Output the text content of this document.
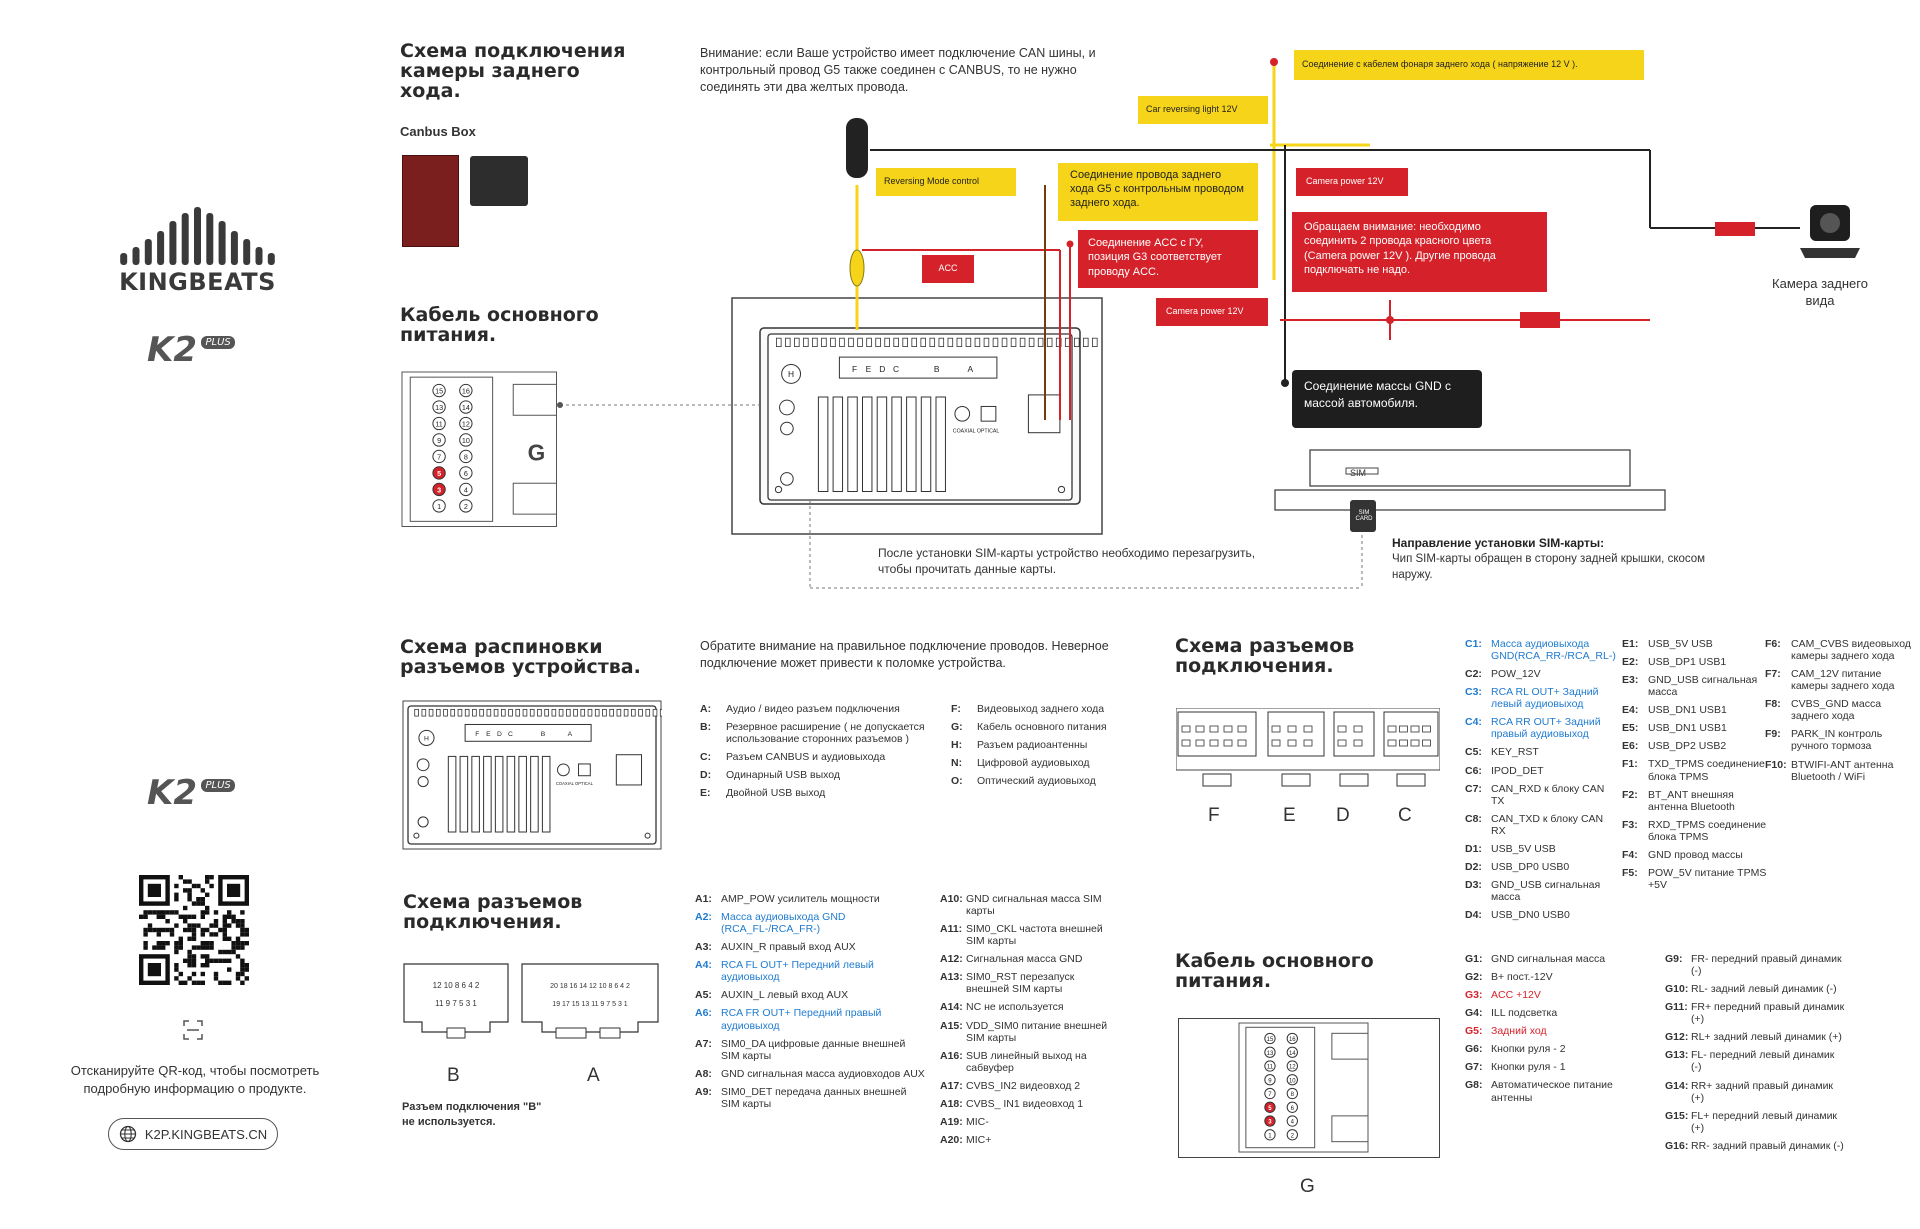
KINGBEATS
K2 $^{PLUS}$
K2 $^{PLUS}$
Отсканируйте QR-код, чтобы посмотреть подробную информацию о продукте.
K2P.KINGBEATS.CN
Схема подключения камеры заднего хода.
Внимание: если Ваше устройство имеет подключение CAN шины, и контрольный провод G5 также соединен с CANBUS, то не нужно соединять эти два желтых провода.
Canbus Box
Кабель основного питания.
15	16
13	14
11	12
9	10
7	8
5	6
3	4
1	2
G
F E D C	B	A
H
COAXIAL OPTICAL
Соединение с кабелем фонаря заднего хода ( напряжение 12 V ).
Car reversing light 12V
Reversing Mode control	Соединение провода заднего хода G5 с контрольным проводом заднего хода.
ACC
Соединение ACC с ГУ, позиция G3 соответствует проводу ACC.
Camera power 12V
Camera power 12V
Обращаем внимание: необходимо соединить 2 провода красного цвета (Camera power 12V ). Другие провода подключать не надо.
Соединение массы GND с массой автомобиля.
Камера заднего вида
SIM
SIM CARD
После установки SIM-карты устройство необходимо перезагрузить, чтобы прочитать данные карты.
Направление установки SIM-карты:
Чип SIM-карты обращен в сторону задней крышки, скосом наружу.
Схема распиновки разъемов устройства.
Обратите внимание на правильное подключение проводов. Неверное подключение может привести к поломке устройства.
F E D C	B	A
H
COAXIAL OPTICAL
A:	Аудио / видео разъем подключения
B:	Резервное расширение ( не допускается использование сторонних разъемов )
C:	Разъем CANBUS и аудиовыхода
D:	Одинарный USB выход
E:	Двойной USB выход
F:	Видеовыход заднего хода
G:	Кабель основного питания
H:	Разъем радиоантенны
N:	Цифровой аудиовыход
O:	Оптический аудиовыход
Схема разъемов подключения.
12 10 8 6 4 2
11 9 7 5 3 1
20 18 16 14 12 10 8 6 4 2
19 17 15 13 11 9 7 5 3 1
B	A
Разъем подключения "B" не используется.
A1: AMP_POW усилитель мощности
A2: Масса аудиовыхода GND (RCA_FL-/RCA_FR-)
A3: AUXIN_R правый вход AUX
A4: RCA FL OUT+ Передний левый аудиовыход
A5: AUXIN_L левый вход AUX
A6: RCA FR OUT+ Передний правый аудиовыход
A7: SIM0_DA цифровые данные внешней SIM карты
A8: GND сигнальная масса аудиовходов AUX
A9: SIM0_DET передача данных внешней SIM карты
A10: GND сигнальная масса SIM карты
A11: SIM0_CKL частота внешней SIM карты
A12: Сигнальная масса GND
A13: SIM0_RST перезапуск внешней SIM карты
A14: NC не используется
A15: VDD_SIM0 питание внешней SIM карты
A16: SUB линейный выход на сабвуфер
A17: CVBS_IN2 видеовход 2
A18: CVBS_ IN1 видеовход 1
A19: MIC-
A20: MIC+
Схема разъемов подключения.
F	E D	C
Кабель основного питания.
15	16
13	14
11	12
9	10
7	8
5	6
3	4
1	2
G
C1: Масса аудиовыхода GND(RCA_RR-/RCA_RL-)
C2: POW_12V
C3: RCA RL OUT+ Задний левый аудиовыход
C4: RCA RR OUT+ Задний правый аудиовыход
C5: KEY_RST
C6: IPOD_DET
C7: CAN_RXD к блоку CAN TX
C8: CAN_TXD к блоку CAN RX
D1: USB_5V USB
D2: USB_DP0 USB0
D3: GND_USB сигнальная масса
D4: USB_DN0 USB0
E1: USB_5V USB
E2: USB_DP1 USB1
E3: GND_USB сигнальная масса
E4: USB_DN1 USB1
E5: USB_DN1 USB1
E6: USB_DP2 USB2
F1: TXD_TPMS соединение блока TPMS
F2: BT_ANT внешняя антенна Bluetooth
F3: RXD_TPMS соединение блока TPMS
F4: GND провод массы
F5: POW_5V питание TPMS +5V
F6: CAM_CVBS видеовыход камеры заднего хода
F7: CAM_12V питание камеры заднего хода
F8: CVBS_GND масса заднего хода
F9: PARK_IN контроль ручного тормоза
F10: BTWIFI-ANT антенна Bluetooth / WiFi
G1: GND сигнальная масса
G2: B+ пост.-12V
G3: ACC +12V
G4: ILL подсветка
G5: Задний ход
G6: Кнопки руля - 2
G7: Кнопки руля - 1
G8: Автоматическое питание антенны
G9: FR- передний правый динамик (-)
G10: RL- задний левый динамик (-)
G11: FR+ передний правый динамик (+)
G12: RL+ задний левый динамик (+)
G13: FL- передний левый динамик (-)
G14: RR+ задний правый динамик (+)
G15: FL+ передний левый динамик (+)
G16: RR- задний правый динамик (-)
